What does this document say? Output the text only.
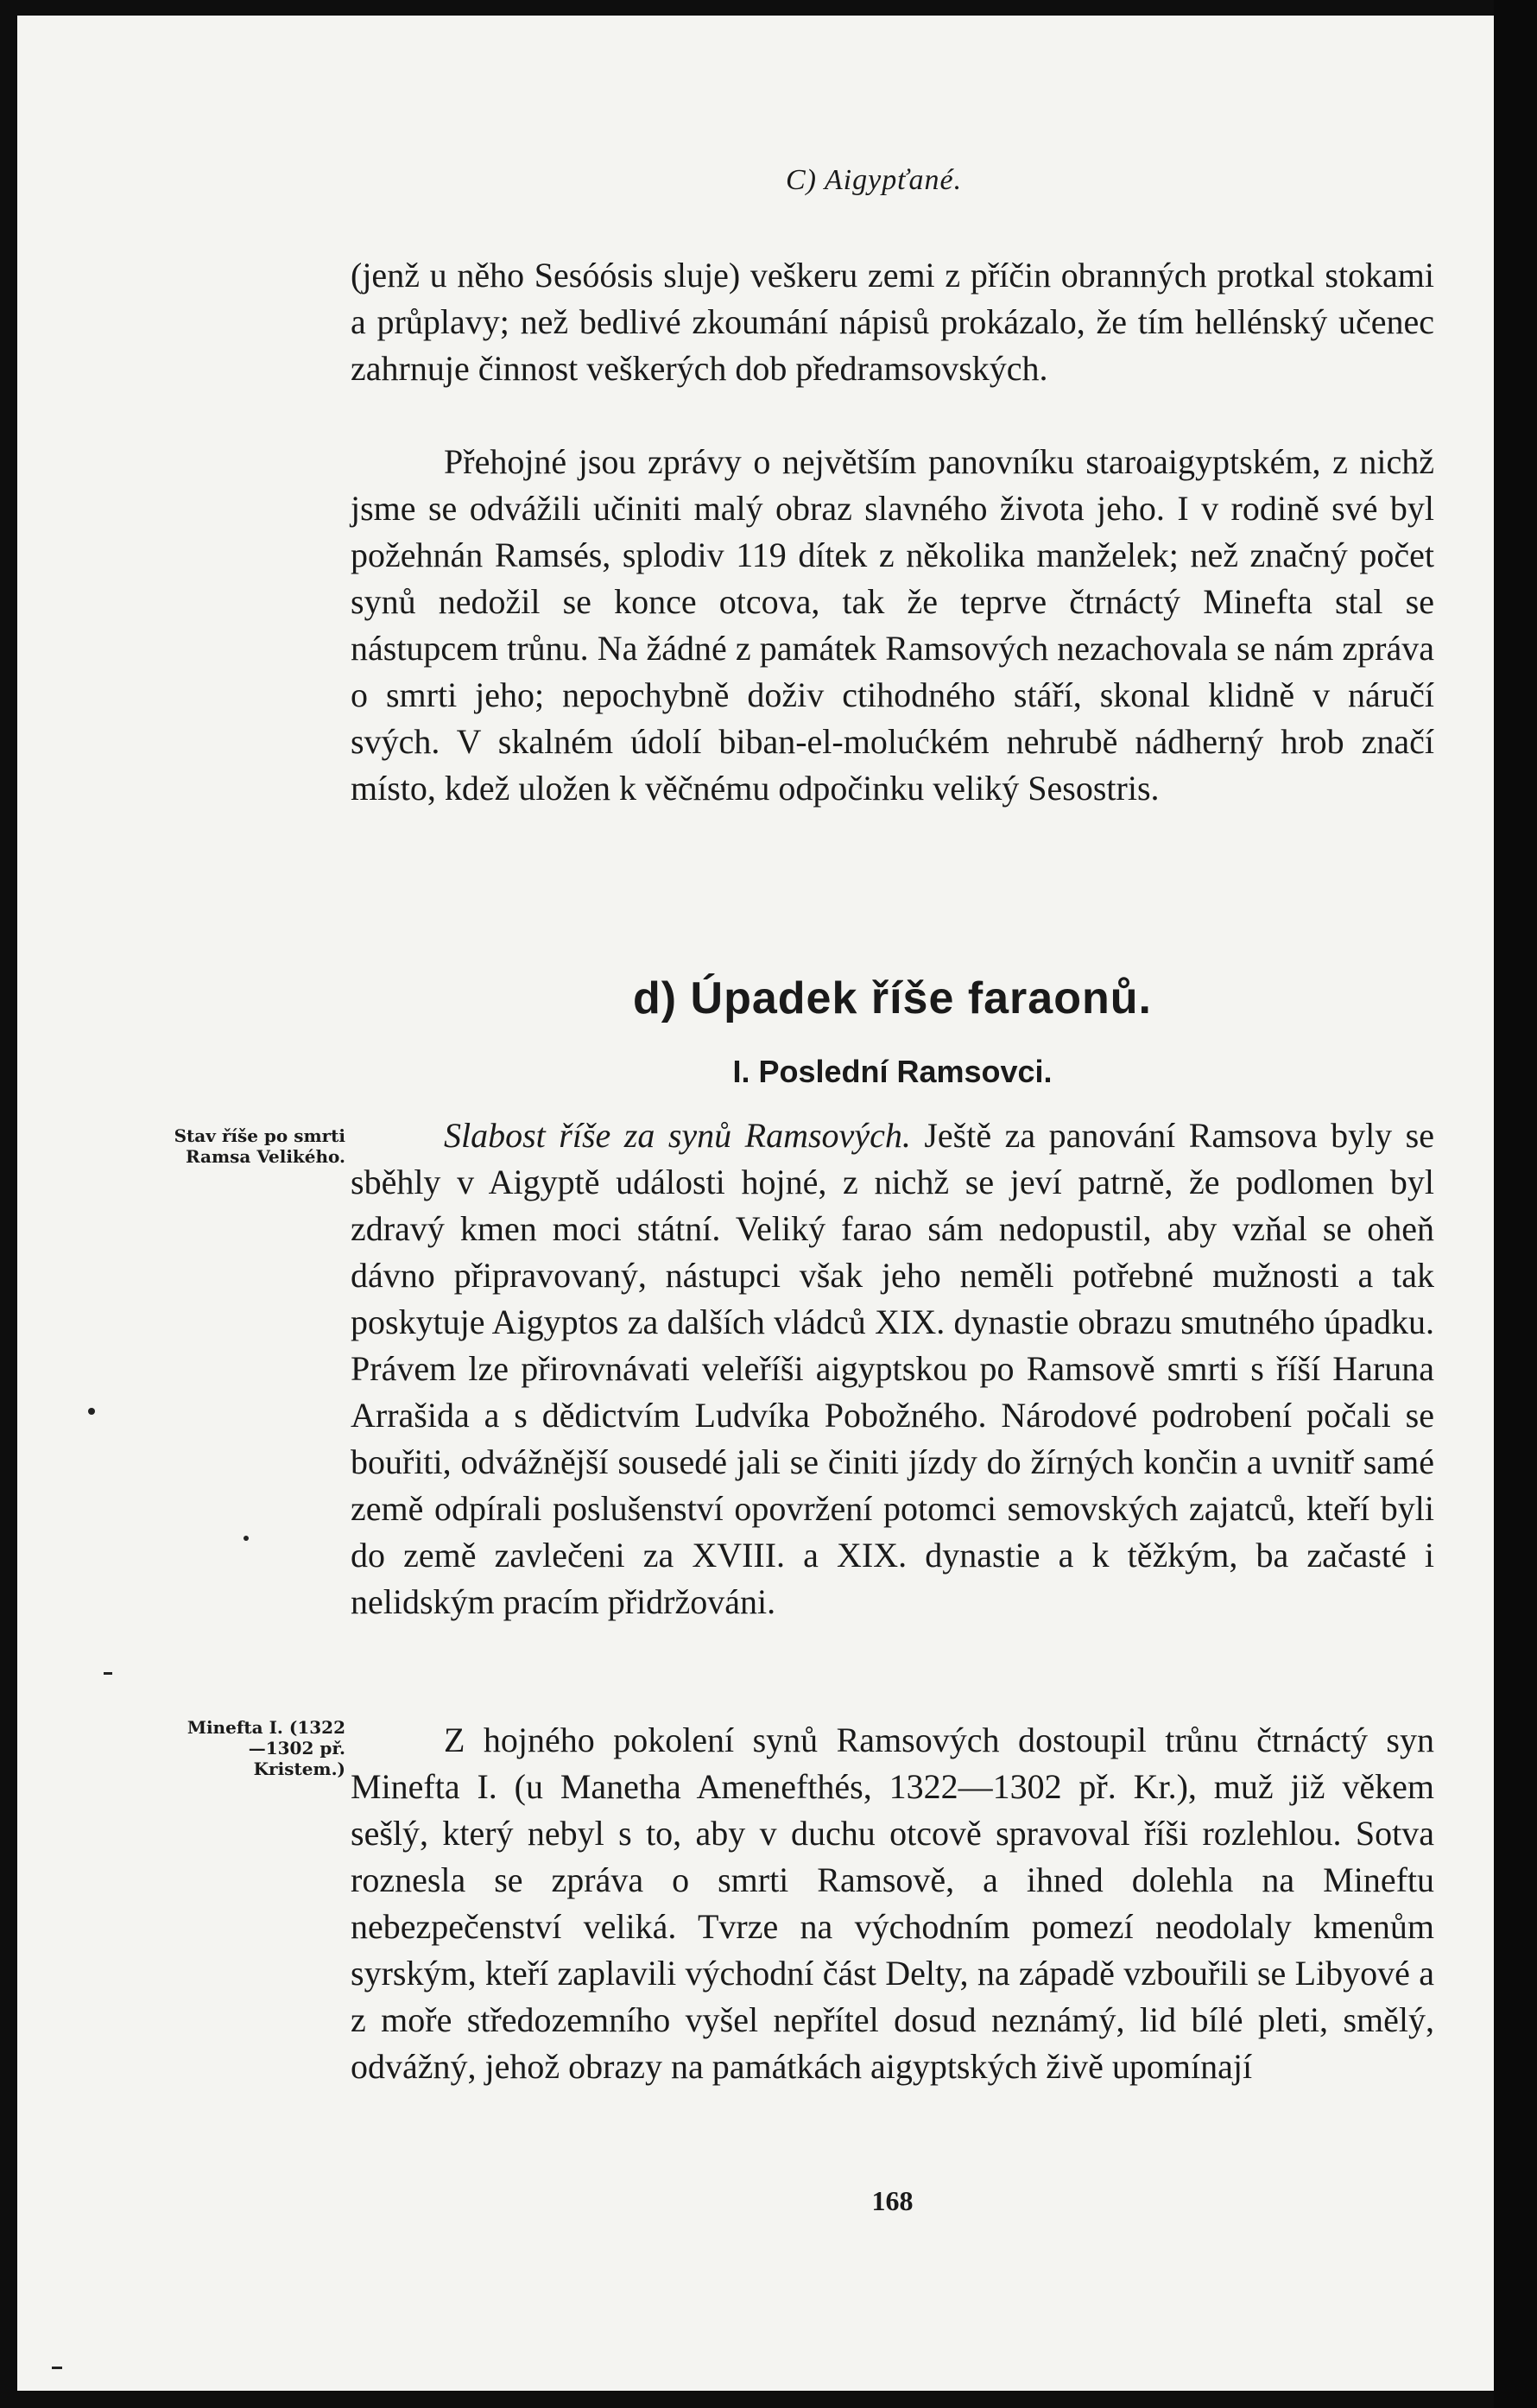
C) Aigypťané.
(jenž u něho Sesóósis sluje) veškeru zemi z příčin obranných protkal stokami a průplavy; než bedlivé zkoumání nápisů prokázalo, že tím hellénský učenec zahrnuje činnost veškerých dob předramsovských.
Přehojné jsou zprávy o největším panovníku staroaigyptském, z nichž jsme se odvážili učiniti malý obraz slavného života jeho. I v rodině své byl požehnán Ramsés, splodiv 119 dítek z několika manželek; než značný počet synů nedožil se konce otcova, tak že teprve čtrnáctý Minefta stal se nástupcem trůnu. Na žádné z památek Ramsových nezachovala se nám zpráva o smrti jeho; nepochybně doživ ctihodného stáří, skonal klidně v náručí svých. V skalném údolí biban-el-molućkém nehrubě nádherný hrob značí místo, kdež uložen k věčnému odpočinku veliký Sesostris.
d) Úpadek říše faraonů.
I. Poslední Ramsovci.
Stav říše po smrti Ramsa Velikého.
Slabost říše za synů Ramsových. Ještě za panování Ramsova byly se sběhly v Aigyptě události hojné, z nichž se jeví patrně, že podlomen byl zdravý kmen moci státní. Veliký farao sám nedopustil, aby vzňal se oheň dávno připravovaný, nástupci však jeho neměli potřebné mužnosti a tak poskytuje Aigyptos za dalších vládců XIX. dynastie obrazu smutného úpadku. Právem lze přirovnávati veleříši aigyptskou po Ramsově smrti s říší Haruna Arrašida a s dědictvím Ludvíka Pobožného. Národové podrobení počali se bouřiti, odvážnější sousedé jali se činiti jízdy do žírných končin a uvnitř samé země odpírali poslušenství opovržení potomci semovských zajatců, kteří byli do země zavlečeni za XVIII. a XIX. dynastie a k těžkým, ba začasté i nelidským pracím přidržováni.
Minefta I. (1322—1302 př. Kristem.)
Z hojného pokolení synů Ramsových dostoupil trůnu čtrnáctý syn Minefta I. (u Manetha Amenefthés, 1322—1302 př. Kr.), muž již věkem sešlý, který nebyl s to, aby v duchu otcově spravoval říši rozlehlou. Sotva roznesla se zpráva o smrti Ramsově, a ihned dolehla na Mineftu nebezpečenství veliká. Tvrze na východním pomezí neodolaly kmenům syrským, kteří zaplavili východní část Delty, na západě vzbouřili se Libyové a z moře středozemního vyšel nepřítel dosud neznámý, lid bílé pleti, smělý, odvážný, jehož obrazy na památkách aigyptských živě upomínají
168
